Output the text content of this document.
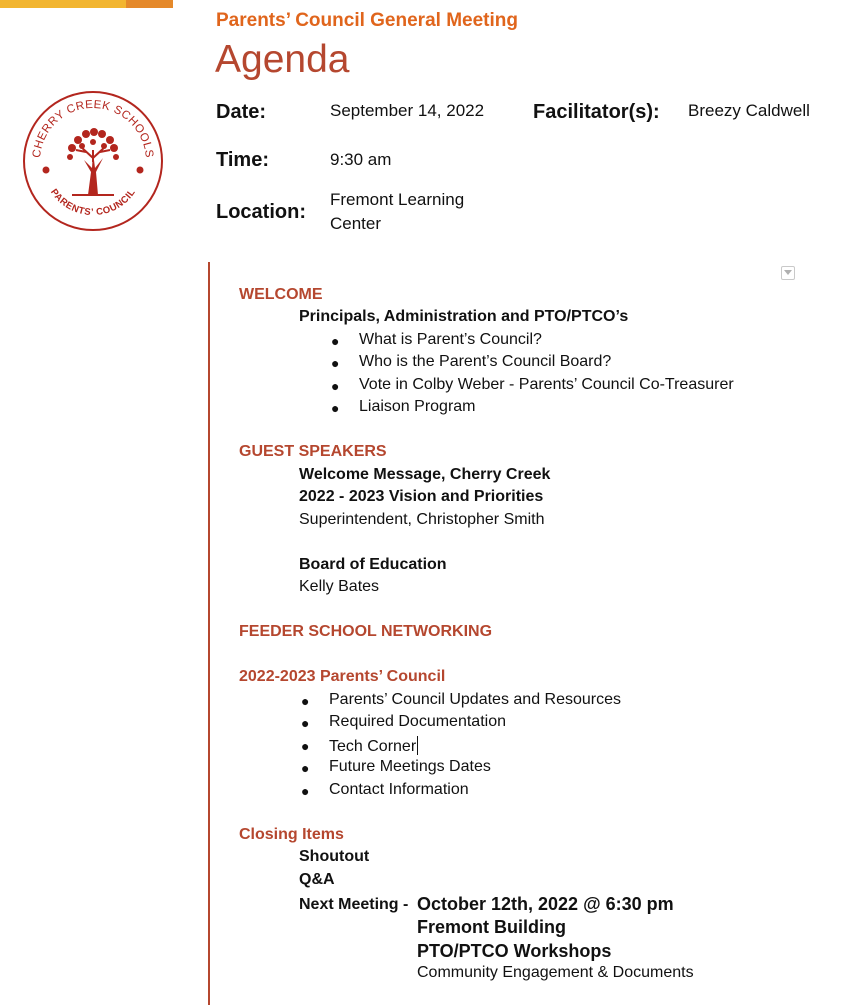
Parents’ Council General Meeting
Agenda
CHERRY CREEK SCHOOLS
PARENTS’ COUNCIL
Date:	September 14, 2022 Facilitator(s): Breezy Caldwell
Time:	9:30 am
Location:
Fremont Learning Center
WELCOME
Principals, Administration and PTO/PTCO’s
● What is Parent’s Council?
● Who is the Parent’s Council Board?
● Vote in Colby Weber - Parents’ Council Co-Treasurer
● Liaison Program
GUEST SPEAKERS
Welcome Message, Cherry Creek
2022 - 2023 Vision and Priorities
Superintendent, Christopher Smith
Board of Education
Kelly Bates
FEEDER SCHOOL NETWORKING
2022-2023 Parents’ Council
● Parents’ Council Updates and Resources
● Required Documentation
● Tech Corner
● Future Meetings Dates
● Contact Information
Closing Items
Shoutout
Q&A
Next Meeting - October 12th, 2022 @ 6:30 pm
Fremont Building
PTO/PTCO Workshops
Community Engagement & Documents
